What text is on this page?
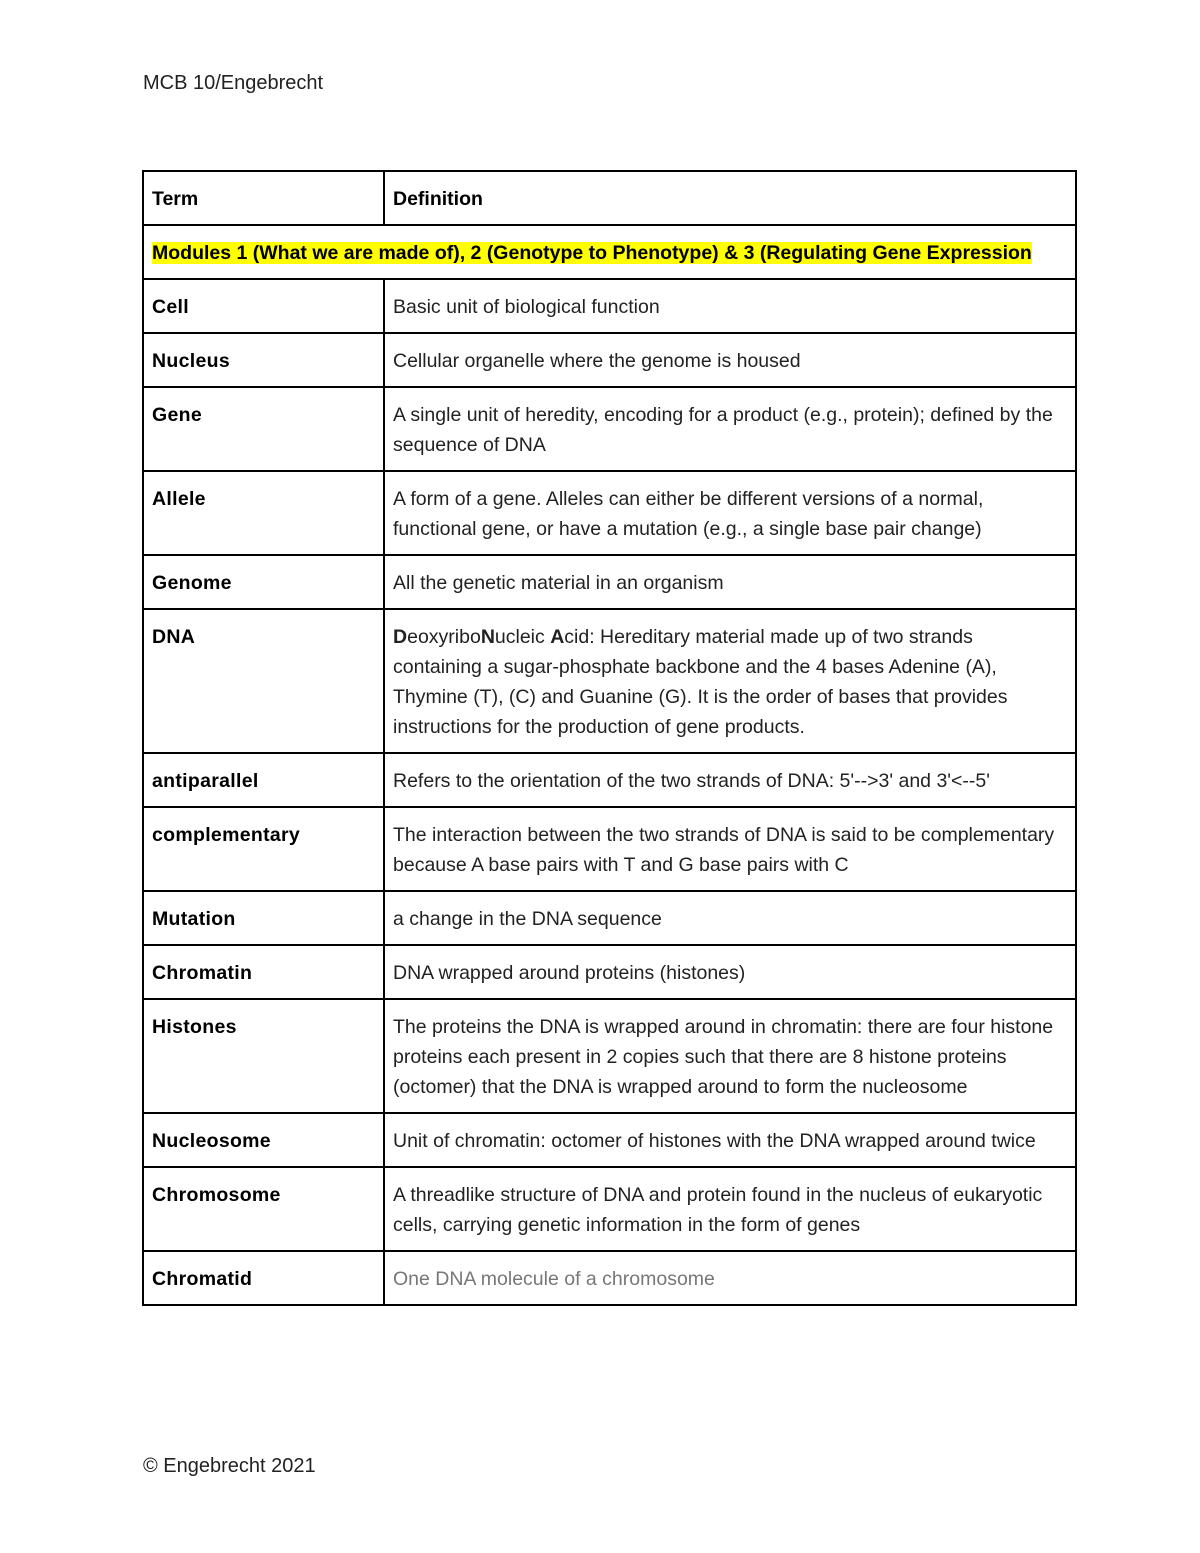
MCB 10/Engebrecht
Term	Definition
Modules 1 (What we are made of), 2 (Genotype to Phenotype) & 3 (Regulating Gene Expression	
Cell	Basic unit of biological function
Nucleus	Cellular organelle where the genome is housed
Gene	A single unit of heredity, encoding for a product (e.g., protein); defined by the sequence of DNA
Allele	A form of a gene. Alleles can either be different versions of a normal, functional gene, or have a mutation (e.g., a single base pair change)
Genome	All the genetic material in an organism
DNA	DeoxyriboNucleic Acid: Hereditary material made up of two strands containing a sugar-phosphate backbone and the 4 bases Adenine (A), Thymine (T), (C) and Guanine (G). It is the order of bases that provides instructions for the production of gene products.
antiparallel	Refers to the orientation of the two strands of DNA: 5'-->3' and 3'<--5'
complementary	The interaction between the two strands of DNA is said to be complementary because A base pairs with T and G base pairs with C
Mutation	a change in the DNA sequence
Chromatin	DNA wrapped around proteins (histones)
Histones	The proteins the DNA is wrapped around in chromatin: there are four histone proteins each present in 2 copies such that there are 8 histone proteins (octomer) that the DNA is wrapped around to form the nucleosome
Nucleosome	Unit of chromatin: octomer of histones with the DNA wrapped around twice
Chromosome	A threadlike structure of DNA and protein found in the nucleus of eukaryotic cells, carrying genetic information in the form of genes
Chromatid	One DNA molecule of a chromosome
© Engebrecht 2021
